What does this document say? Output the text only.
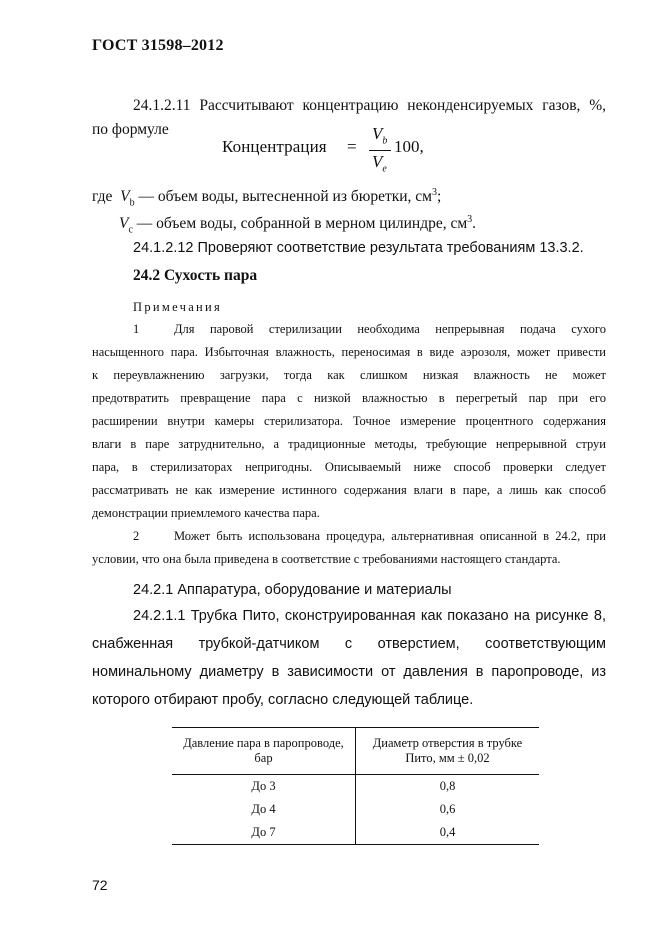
ГОСТ 31598–2012
24.1.2.11 Рассчитывают концентрацию неконденсируемых газов, %,
по формуле
Концентрация =
$V_b$
$V_e$
100,
где $V_b$ — объем воды, вытесненной из бюретки, $см^3$;
$V_c$ — объем воды, собранной в мерном цилиндре, $см^3$.
24.1.2.12 Проверяют соответствие результата требованиям 13.3.2.
24.2 Сухость пара
Примечания
1	Для паровой стерилизации необходима непрерывная подача сухого
насыщенного пара. Избыточная влажность, переносимая в виде аэрозоля, может привести
к переувлажнению загрузки, тогда как слишком низкая влажность не может
предотвратить превращение пара с низкой влажностью в перегретый пар при его
расширении внутри камеры стерилизатора. Точное измерение процентного содержания
влаги в паре затруднительно, а традиционные методы, требующие непрерывной струи
пара, в стерилизаторах непригодны. Описываемый ниже способ проверки следует
рассматривать не как измерение истинного содержания влаги в паре, а лишь как способ
демонстрации приемлемого качества пара.
2	Может быть использована процедура, альтернативная описанной в 24.2, при
условии, что она была приведена в соответствие с требованиями настоящего стандарта.
24.2.1 Аппаратура, оборудование и материалы
24.2.1.1 Трубка Пито, сконструированная как показано на рисунке 8,
снабженная трубкой-датчиком с отверстием, соответствующим
номинальному диаметру в зависимости от давления в паропроводе, из
которого отбирают пробу, согласно следующей таблице.
Давление пара в паропроводе, бар	Диаметр отверстия в трубке Пито, мм ± 0,02
До 3	0,8
До 4	0,6
До 7	0,4
72
